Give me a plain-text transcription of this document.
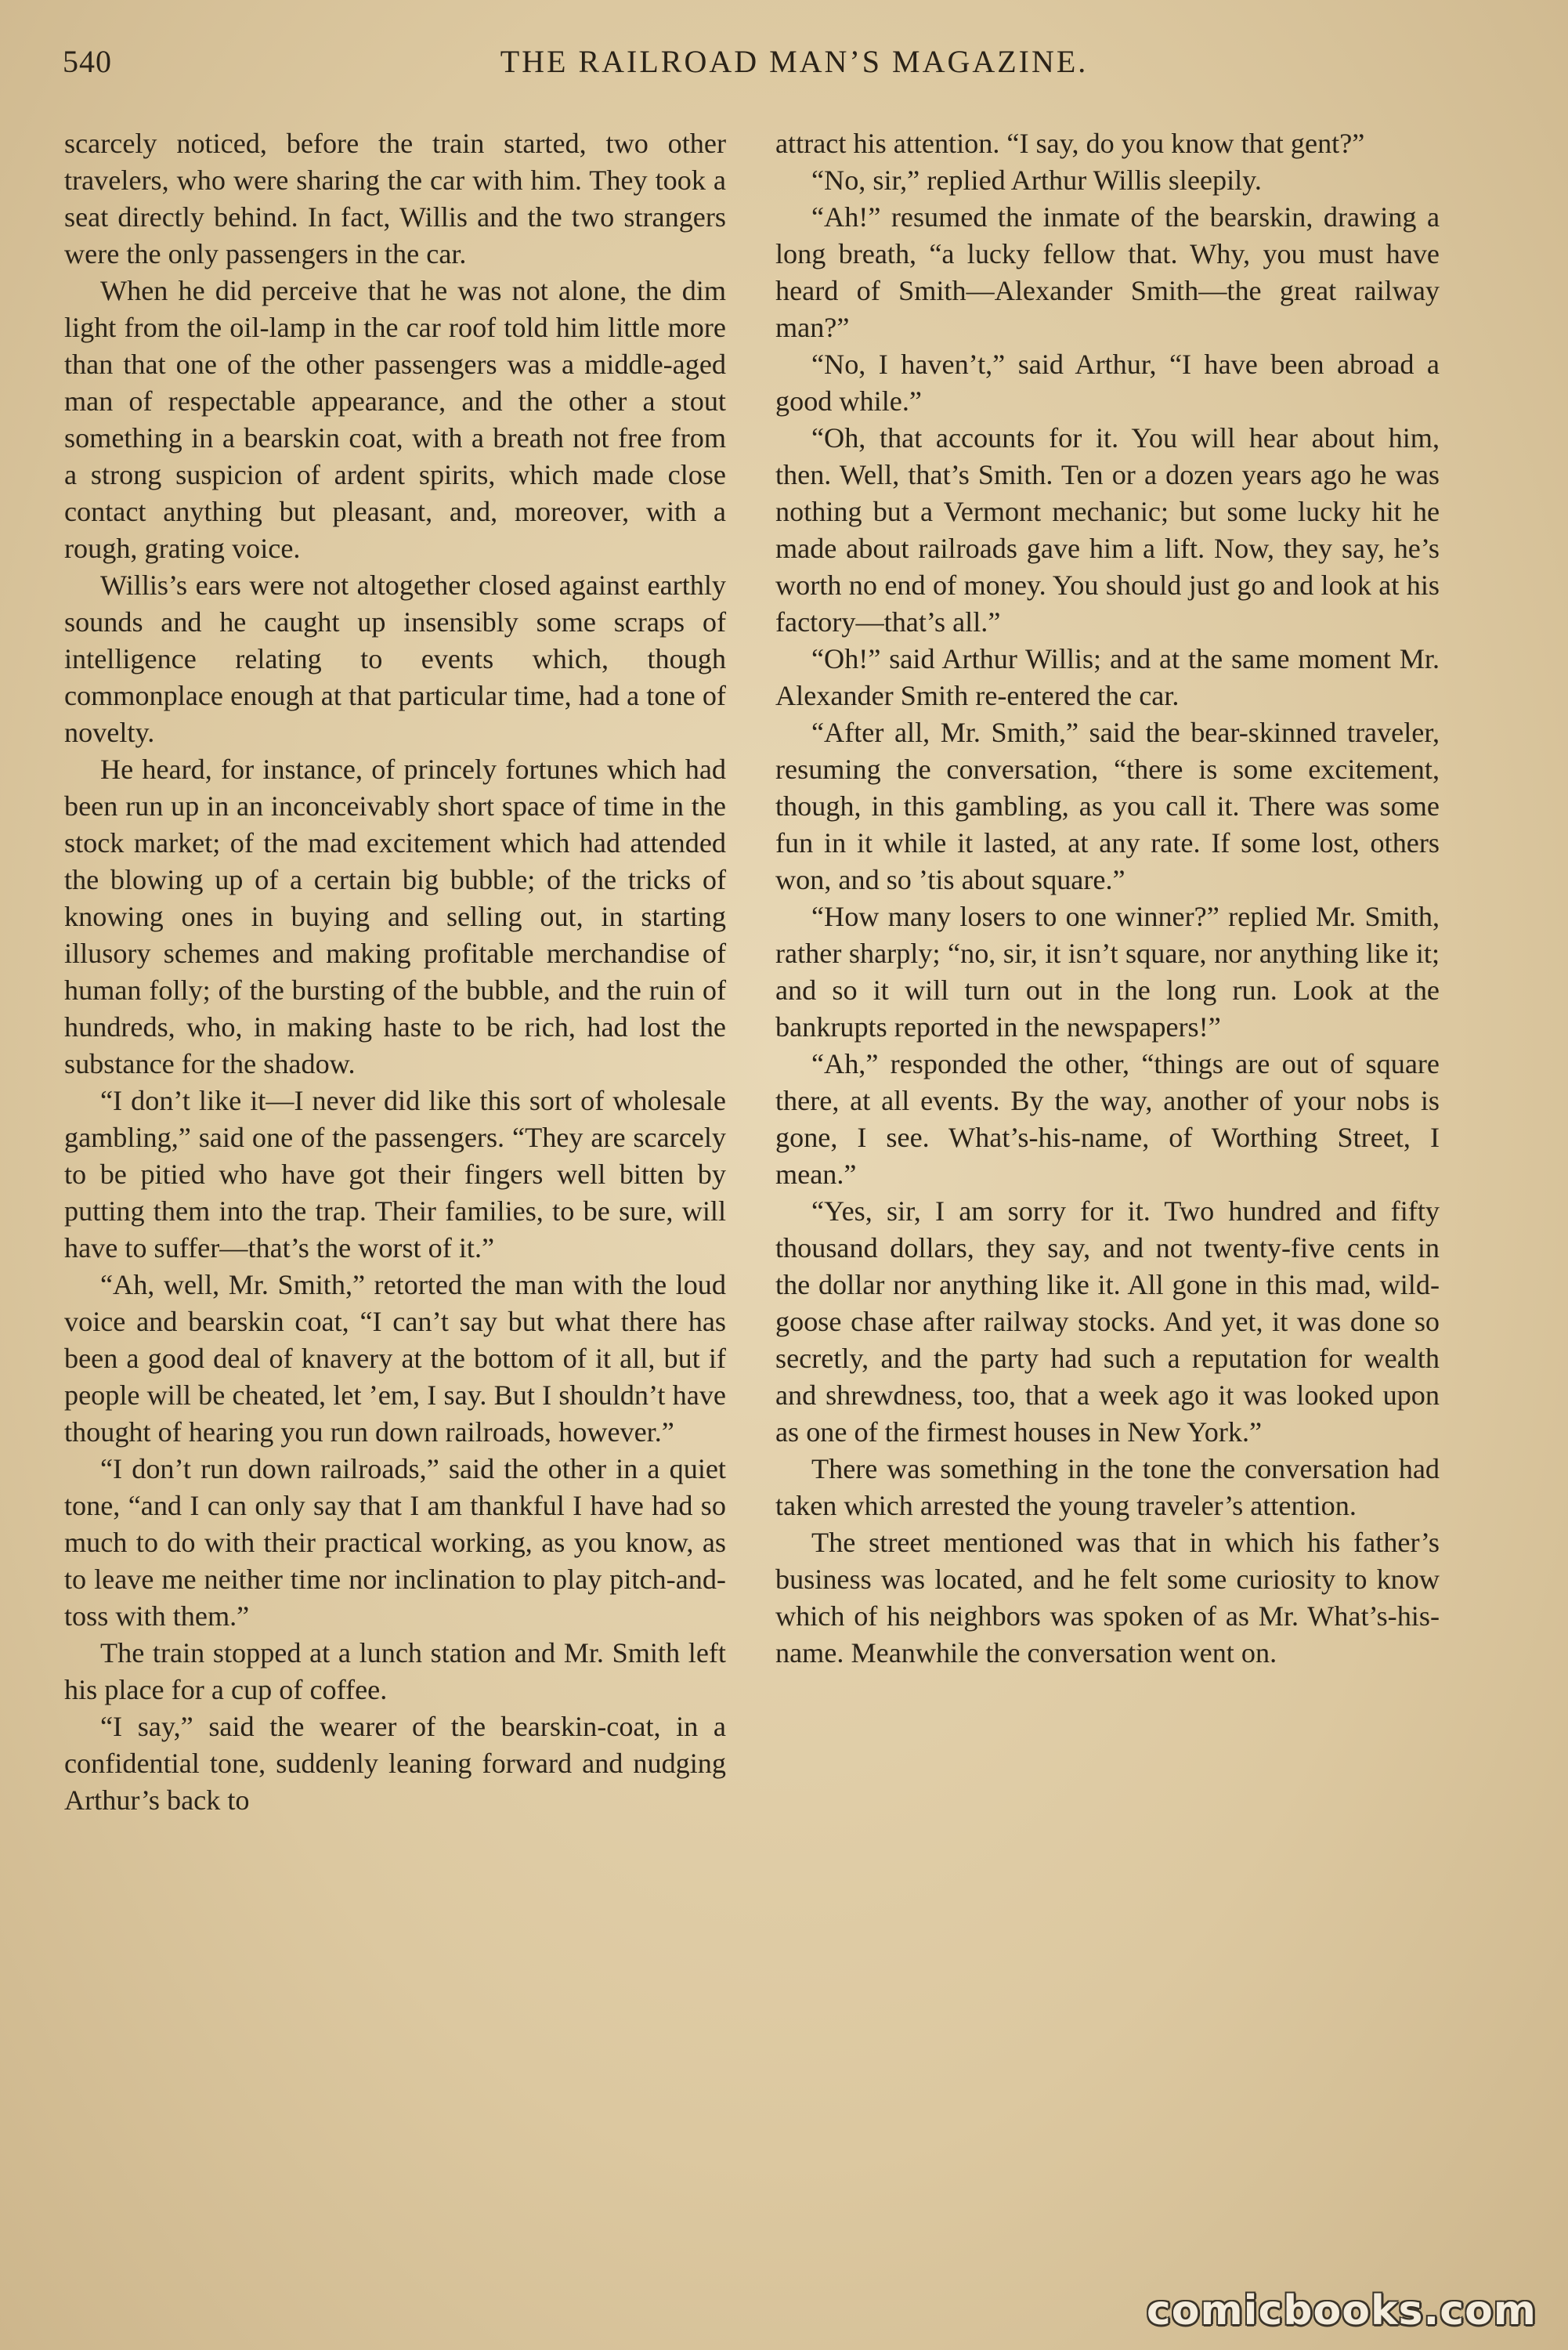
540	THE RAILROAD MAN’S MAGAZINE.

scarcely noticed, before the train started, two other travelers, who were sharing the car with him. They took a seat directly behind. In fact, Willis and the two strangers were the only passengers in the car.

When he did perceive that he was not alone, the dim light from the oil-lamp in the car roof told him little more than that one of the other passengers was a middle-aged man of respectable appearance, and the other a stout something in a bearskin coat, with a breath not free from a strong suspicion of ardent spirits, which made close contact anything but pleasant, and, moreover, with a rough, grating voice.

Willis’s ears were not altogether closed against earthly sounds and he caught up insensibly some scraps of intelligence relating to events which, though commonplace enough at that particular time, had a tone of novelty.

He heard, for instance, of princely fortunes which had been run up in an inconceivably short space of time in the stock market; of the mad excitement which had attended the blowing up of a certain big bubble; of the tricks of knowing ones in buying and selling out, in starting illusory schemes and making profitable merchandise of human folly; of the bursting of the bubble, and the ruin of hundreds, who, in making haste to be rich, had lost the substance for the shadow.

“I don’t like it—I never did like this sort of wholesale gambling,” said one of the passengers. “They are scarcely to be pitied who have got their fingers well bitten by putting them into the trap. Their families, to be sure, will have to suffer—that’s the worst of it.”

“Ah, well, Mr. Smith,” retorted the man with the loud voice and bearskin coat, “I can’t say but what there has been a good deal of knavery at the bottom of it all, but if people will be cheated, let ’em, I say. But I shouldn’t have thought of hearing you run down railroads, however.”

“I don’t run down railroads,” said the other in a quiet tone, “and I can only say that I am thankful I have had so much to do with their practical working, as you know, as to leave me neither time nor inclination to play pitch-and-toss with them.”

The train stopped at a lunch station and Mr. Smith left his place for a cup of coffee.

“I say,” said the wearer of the bearskin-coat, in a confidential tone, suddenly leaning forward and nudging Arthur’s back to

attract his attention. “I say, do you know that gent?”

“No, sir,” replied Arthur Willis sleepily.

“Ah!” resumed the inmate of the bearskin, drawing a long breath, “a lucky fellow that. Why, you must have heard of Smith—Alexander Smith—the great railway man?”

“No, I haven’t,” said Arthur, “I have been abroad a good while.”

“Oh, that accounts for it. You will hear about him, then. Well, that’s Smith. Ten or a dozen years ago he was nothing but a Vermont mechanic; but some lucky hit he made about railroads gave him a lift. Now, they say, he’s worth no end of money. You should just go and look at his factory—that’s all.”

“Oh!” said Arthur Willis; and at the same moment Mr. Alexander Smith re-entered the car.

“After all, Mr. Smith,” said the bear-skinned traveler, resuming the conversation, “there is some excitement, though, in this gambling, as you call it. There was some fun in it while it lasted, at any rate. If some lost, others won, and so ’tis about square.”

“How many losers to one winner?” replied Mr. Smith, rather sharply; “no, sir, it isn’t square, nor anything like it; and so it will turn out in the long run. Look at the bankrupts reported in the newspapers!”

“Ah,” responded the other, “things are out of square there, at all events. By the way, another of your nobs is gone, I see. What’s-his-name, of Worthing Street, I mean.”

“Yes, sir, I am sorry for it. Two hundred and fifty thousand dollars, they say, and not twenty-five cents in the dollar nor anything like it. All gone in this mad, wild-goose chase after railway stocks. And yet, it was done so secretly, and the party had such a reputation for wealth and shrewdness, too, that a week ago it was looked upon as one of the firmest houses in New York.”

There was something in the tone the conversation had taken which arrested the young traveler’s attention.

The street mentioned was that in which his father’s business was located, and he felt some curiosity to know which of his neighbors was spoken of as Mr. What’s-his-name. Meanwhile the conversation went on.

comicbooks.com
